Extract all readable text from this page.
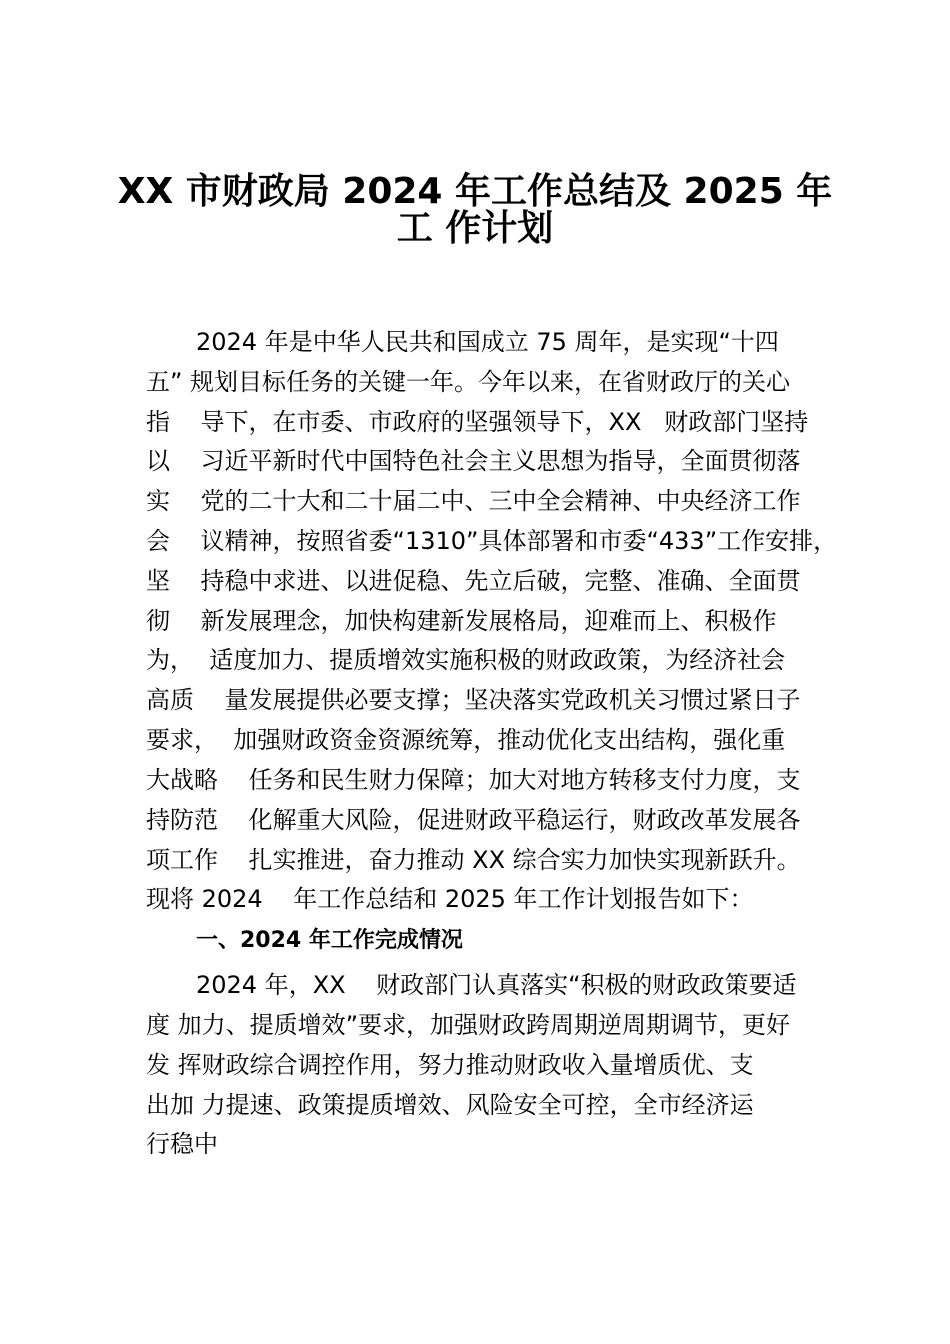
XX 市财政局 2024 年工作总结及 2025 年
工 作计划
2024 年是中华人民共和国成立 75 周年，是实现“十四
五” 规划目标任务的关键一年。今年以来，在省财政厅的关心
指    导下，在市委、市政府的坚强领导下，XX   财政部门坚持
以    习近平新时代中国特色社会主义思想为指导，全面贯彻落
实    党的二十大和二十届二中、三中全会精神、中央经济工作
会    议精神，按照省委“1310”具体部署和市委“433”工作安排，
坚    持稳中求进、以进促稳、先立后破，完整、准确、全面贯
彻    新发展理念，加快构建新发展格局，迎难而上、积极作
为，  适度加力、提质增效实施积极的财政政策，为经济社会
高质    量发展提供必要支撑；坚决落实党政机关习惯过紧日子
要求，  加强财政资金资源统筹，推动优化支出结构，强化重
大战略    任务和民生财力保障；加大对地方转移支付力度，支
持防范    化解重大风险，促进财政平稳运行，财政改革发展各
项工作    扎实推进，奋力推动 XX 综合实力加快实现新跃升。
现将 2024    年工作总结和 2025 年工作计划报告如下：
一、2024 年工作完成情况
2024 年，XX    财政部门认真落实“积极的财政政策要适
度 加力、提质增效”要求，加强财政跨周期逆周期调节，更好
发 挥财政综合调控作用，努力推动财政收入量增质优、支
出加 力提速、政策提质增效、风险安全可控，全市经济运
行稳中
